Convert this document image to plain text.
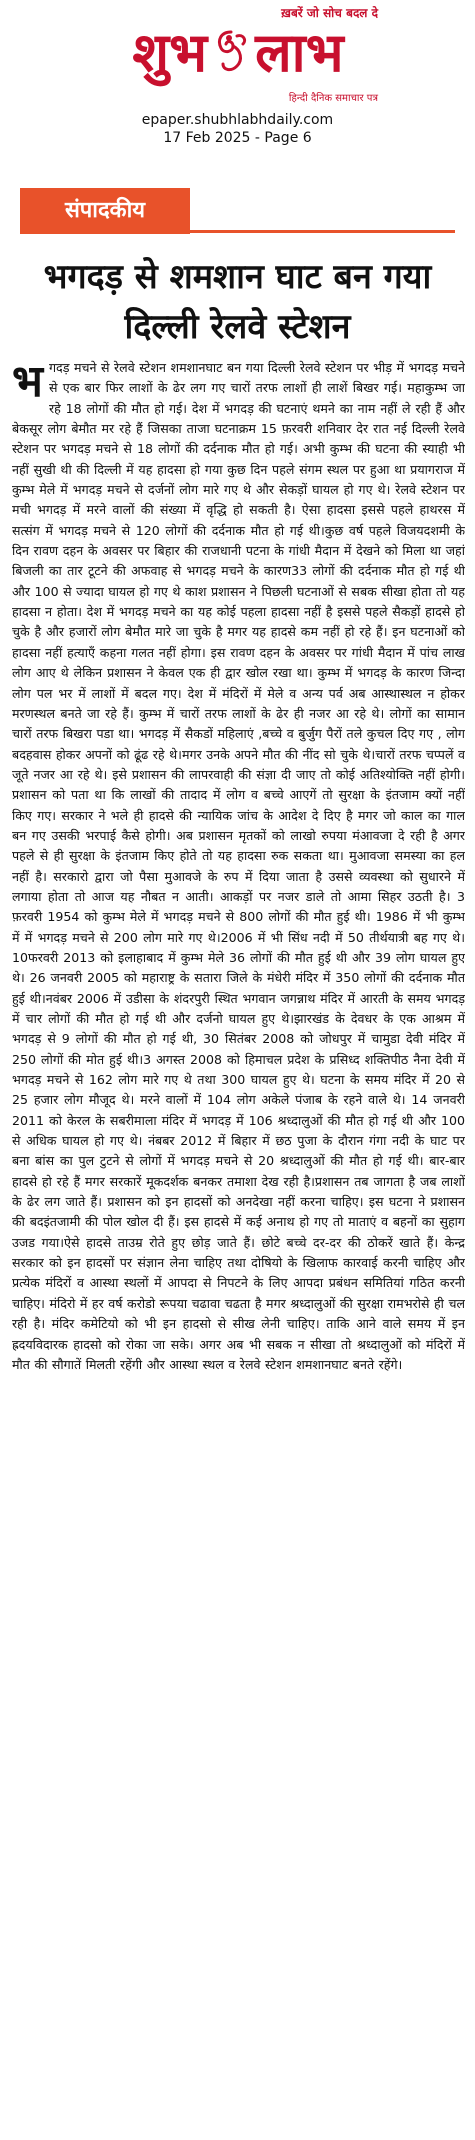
ख़बरें जो सोच बदल दे
शुभ लाभ
हिन्दी दैनिक समाचार पत्र
epaper.shubhlabhdaily.com
17 Feb 2025 - Page 6
संपादकीय
भगदड़ से शमशान घाट बन गया दिल्ली रेलवे स्टेशन

भगदड़ मचने से रेलवे स्टेशन शमशानघाट बन गया दिल्ली रेलवे स्टेशन पर भीड़ में भगदड़ मचने से एक बार फिर लाशों के ढेर लग गए चारों तरफ लाशों ही लाशें बिखर गई। महाकुम्भ जा रहे 18 लोगों की मौत हो गई। देश में भगदड़ की घटनाएं थमने का नाम नहीं ले रही हैं और बेकसूर लोग बेमौत मर रहे हैं जिसका ताजा घटनाक्रम 15 फ़रवरी शनिवार देर रात नई दिल्ली रेलवे स्टेशन पर भगदड़ मचने से 18 लोगों की दर्दनाक मौत हो गई। अभी कुम्भ की घटना की स्याही भी नहीं सुखी थी की दिल्ली में यह हादसा हो गया कुछ दिन पहले संगम स्थल पर हुआ था प्रयागराज में कुम्भ मेले में भगदड़ मचने से दर्जनों लोग मारे गए थे और सेकड़ों घायल हो गए थे। रेलवे स्टेशन पर मची भगदड़ में मरने वालों की संख्या में वृद्धि हो सकती है। ऐसा हादसा इससे पहले हाथरस में सत्संग में भगदड़ मचने से 120 लोगों की दर्दनाक मौत हो गई थी।कुछ वर्ष पहले विजयदशमी के दिन रावण दहन के अवसर पर बिहार की राजधानी पटना के गांधी मैदान में देखने को मिला था जहां बिजली का तार टूटने की अफवाह से भगदड़ मचने के कारण33 लोगों की दर्दनाक मौत हो गई थी और 100 से ज्यादा घायल हो गए थे काश प्रशासन ने पिछली घटनाओं से सबक सीखा होता तो यह हादसा न होता। देश में भगदड़ मचने का यह कोई पहला हादसा नहीं है इससे पहले सैकड़ों हादसे हो चुके है और हजारों लोग बेमौत मारे जा चुके है मगर यह हादसे कम नहीं हो रहे हैं। इन घटनाओं को हादसा नहीं हत्याएँ कहना गलत नहीं होगा। इस रावण दहन के अवसर पर गांधी मैदान में पांच लाख लोग आए थे लेकिन प्रशासन ने केवल एक ही द्वार खोल रखा था। कुम्भ में भगदड़ के कारण जिन्दा लोग पल भर में लाशों में बदल गए। देश में मंदिरों में मेले व अन्य पर्व अब आस्थास्थल न होकर मरणस्थल बनते जा रहे हैं। कुम्भ में चारों तरफ लाशों के ढेर ही नजर आ रहे थे। लोगों का सामान चारों तरफ बिखरा पडा था। भगदड़ में सैकडों महिलाएं ,बच्चे व बुर्जुग पैरों तले कुचल दिए गए , लोग बदहवास होकर अपनों को ढूंढ रहे थे।मगर उनके अपने मौत की नींद सो चुके थे।चारों तरफ चप्पलें व जूते नजर आ रहे थे। इसे प्रशासन की लापरवाही की संज्ञा दी जाए तो कोई अतिश्योक्ति नहीं होगी। प्रशासन को पता था कि लाखों की तादाद में लोग व बच्चे आएगें तो सुरक्षा के इंतजाम क्यों नहीं किए गए। सरकार ने भले ही हादसे की न्यायिक जांच के आदेश दे दिए है मगर जो काल का गाल बन गए उसकी भरपाई कैसे होगी। अब प्रशासन मृतकों को लाखो रुपया मंआवजा दे रही है अगर पहले से ही सुरक्षा के इंतजाम किए होते तो यह हादसा रुक सकता था। मुआवजा समस्या का हल नहीं है। सरकारो द्वारा जो पैसा मुआवजे के रुप में दिया जाता है उससे व्यवस्था को सुधारने में लगाया होता तो आज यह नौबत न आती। आकड़ों पर नजर डाले तो आमा सिहर उठती है। 3 फ़रवरी 1954 को कुम्भ मेले में भगदड़ मचने से 800 लोगों की मौत हुई थी। 1986 में भी कुम्भ में में भगदड़ मचने से 200 लोग मारे गए थे।2006 में भी सिंध नदी में 50 तीर्थयात्री बह गए थे। 10फरवरी 2013 को इलाहाबाद में कुम्भ मेले 36 लोगों की मौत हुई थी और 39 लोग घायल हुए थे। 26 जनवरी 2005 को महाराष्ट्र के सतारा जिले के मंधेरी मंदिर में 350 लोगों की दर्दनाक मौत हुई थी।नवंबर 2006 में उडीसा के शंदरपुरी स्थित भगवान जगन्नाथ मंदिर में आरती के समय भगदड़ में चार लोगों की मौत हो गई थी और दर्जनो घायल हुए थे।झारखंड के देवधर के एक आश्रम में भगदड़ से 9 लोगों की मौत हो गई थी, 30 सितंबर 2008 को जोधपुर में चामुडा देवी मंदिर में 250 लोगों की मोत हुई थी।3 अगस्त 2008 को हिमाचल प्रदेश के प्रसिध्द शक्तिपीठ नैना देवी में भगदड़ मचने से 162 लोग मारे गए थे तथा 300 घायल हुए थे। घटना के समय मंदिर में 20 से 25 हजार लोग मौजूद थे। मरने वालों में 104 लोग अकेले पंजाब के रहने वाले थे। 14 जनवरी 2011 को केरल के सबरीमाला मंदिर में भगदड़ में 106 श्रध्दालुओं की मौत हो गई थी और 100 से अधिक घायल हो गए थे। नंबबर 2012 में बिहार में छठ पुजा के दौरान गंगा नदी के घाट पर बना बांस का पुल टुटने से लोगों में भगदड़ मचने से 20 श्रध्दालुओं की मौत हो गई थी। बार-बार हादसे हो रहे हैं मगर सरकारें मूकदर्शक बनकर तमाशा देख रही है।प्रशासन तब जागता है जब लाशों के ढेर लग जाते हैं। प्रशासन को इन हादसों को अनदेखा नहीं करना चाहिए। इस घटना ने प्रशासन की बदइंतजामी की पोल खोल दी हैं। इस हादसे में कई अनाथ हो गए तो माताएं व बहनों का सुहाग उजड गया।ऐसे हादसे ताउम्र रोते हुए छोड़ जाते हैं। छोटे बच्चे दर-दर की ठोकरें खाते हैं। केन्द्र सरकार को इन हादसों पर संज्ञान लेना चाहिए तथा दोषियो के खिलाफ कारवाई करनी चाहिए और प्रत्येक मंदिरों व आस्था स्थलों में आपदा से निपटने के लिए आपदा प्रबंधन समितियां गठित करनी चाहिए। मंदिरो में हर वर्ष करोडो रूपया चढावा चढता है मगर श्रध्दालुओं की सुरक्षा रामभरोसे ही चल रही है। मंदिर कमेटियो को भी इन हादसो से सीख लेनी चाहिए। ताकि आने वाले समय में इन ह्रदयविदारक हादसो को रोका जा सके। अगर अब भी सबक न सीखा तो श्रध्दालुओं को मंदिरों में मौत की सौगातें मिलती रहेंगी और आस्था स्थल व रेलवे स्टेशन शमशानघाट बनते रहेंगे।
